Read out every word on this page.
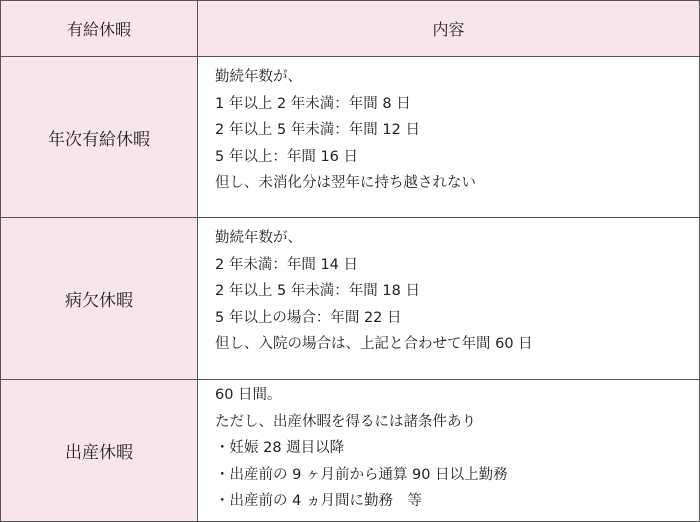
有給休暇	内容
年次有給休暇	勤続年数が、
1 年以上 2 年未満：年間 8 日
2 年以上 5 年未満：年間 12 日
5 年以上：年間 16 日
但し、未消化分は翌年に持ち越されない

病欠休暇	勤続年数が、
2 年未満：年間 14 日
2 年以上 5 年未満：年間 18 日
5 年以上の場合：年間 22 日
但し、入院の場合は、上記と合わせて年間 60 日

出産休暇	60 日間。
ただし、出産休暇を得るには諸条件あり
・妊娠 28 週目以降
・出産前の 9 ヶ月前から通算 90 日以上勤務
・出産前の 4 ヵ月間に勤務　等
